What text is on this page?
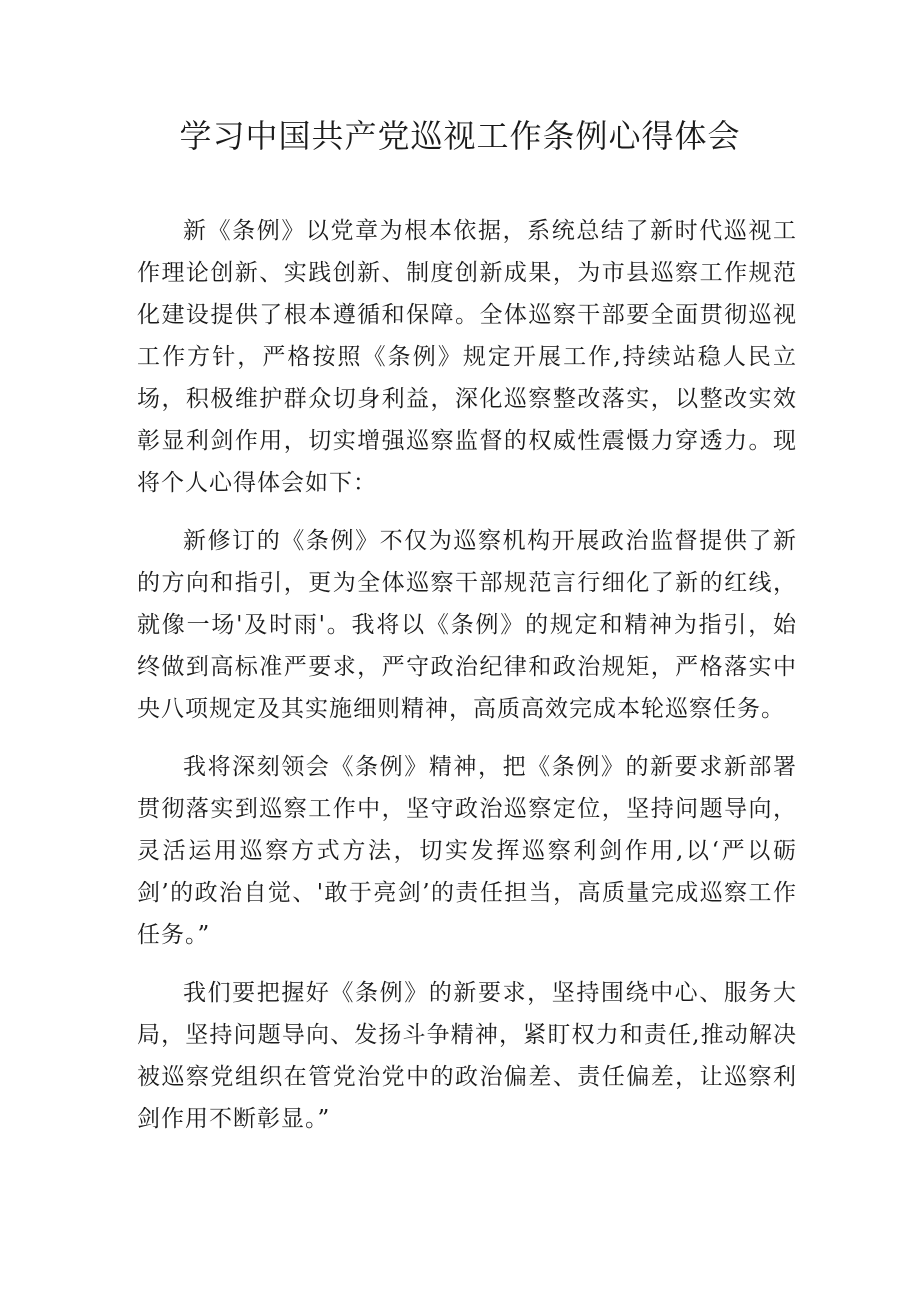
学习中国共产党巡视工作条例心得体会

新《条例》以党章为根本依据，系统总结了新时代巡视工作理论创新、实践创新、制度创新成果，为市县巡察工作规范化建设提供了根本遵循和保障。全体巡察干部要全面贯彻巡视工作方针，严格按照《条例》规定开展工作,持续站稳人民立场，积极维护群众切身利益，深化巡察整改落实，以整改实效彰显利剑作用，切实增强巡察监督的权威性震慑力穿透力。现将个人心得体会如下：

新修订的《条例》不仅为巡察机构开展政治监督提供了新的方向和指引，更为全体巡察干部规范言行细化了新的红线，就像一场'及时雨'。我将以《条例》的规定和精神为指引，始终做到高标准严要求，严守政治纪律和政治规矩，严格落实中央八项规定及其实施细则精神，高质高效完成本轮巡察任务。

我将深刻领会《条例》精神，把《条例》的新要求新部署贯彻落实到巡察工作中，坚守政治巡察定位，坚持问题导向，灵活运用巡察方式方法，切实发挥巡察利剑作用,以‘严以砺剑’的政治自觉、'敢于亮剑’的责任担当，高质量完成巡察工作任务。”

我们要把握好《条例》的新要求，坚持围绕中心、服务大局，坚持问题导向、发扬斗争精神，紧盯权力和责任,推动解决被巡察党组织在管党治党中的政治偏差、责任偏差，让巡察利剑作用不断彰显。”
